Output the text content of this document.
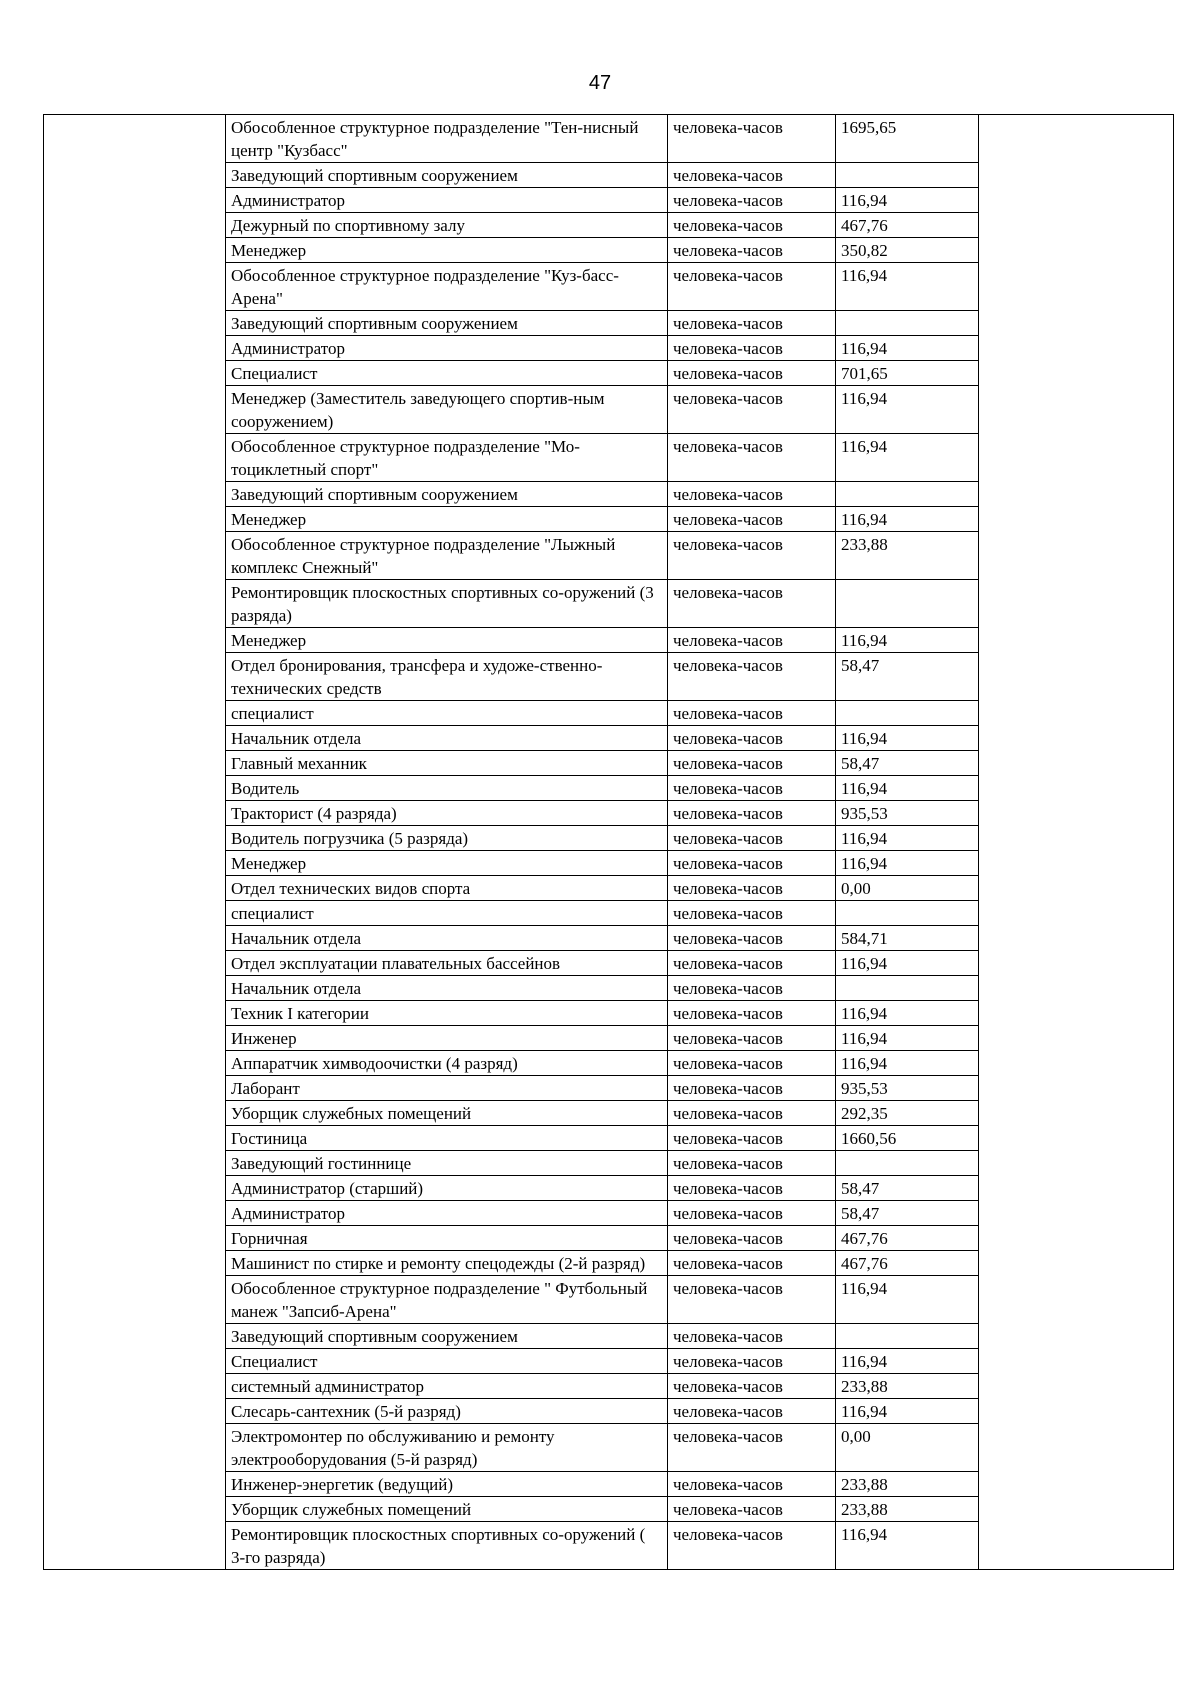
47
	Обособленное структурное подразделение "Тен-нисный центр "Кузбасс"	человека-часов	1695,65	
	Заведующий спортивным сооружением	человека-часов		
	Администратор	человека-часов	116,94	
	Дежурный по спортивному залу	человека-часов	467,76	
	Менеджер	человека-часов	350,82	
	Обособленное структурное подразделение "Куз-басс-Арена"	человека-часов	116,94	
	Заведующий спортивным сооружением	человека-часов		
	Администратор	человека-часов	116,94	
	Специалист	человека-часов	701,65	
	Менеджер (Заместитель заведующего спортив-ным сооружением)	человека-часов	116,94	
	Обособленное структурное подразделение "Мо-тоциклетный спорт"	человека-часов	116,94	
	Заведующий спортивным сооружением	человека-часов		
	Менеджер	человека-часов	116,94	
	Обособленное структурное подразделение "Лыжный комплекс Снежный"	человека-часов	233,88	
	Ремонтировщик плоскостных спортивных со-оружений (3 разряда)	человека-часов		
	Менеджер	человека-часов	116,94	
	Отдел бронирования, трансфера и художе-ственно-технических средств	человека-часов	58,47	
	специалист	человека-часов		
	Начальник отдела	человека-часов	116,94	
	Главный механник	человека-часов	58,47	
	Водитель	человека-часов	116,94	
	Тракторист (4 разряда)	человека-часов	935,53	
	Водитель погрузчика (5 разряда)	человека-часов	116,94	
	Менеджер	человека-часов	116,94	
	Отдел технических видов спорта	человека-часов	0,00	
	специалист	человека-часов		
	Начальник отдела	человека-часов	584,71	
	Отдел эксплуатации плавательных бассейнов	человека-часов	116,94	
	Начальник отдела	человека-часов		
	Техник I категории	человека-часов	116,94	
	Инженер	человека-часов	116,94	
	Аппаратчик химводоочистки (4 разряд)	человека-часов	116,94	
	Лаборант	человека-часов	935,53	
	Уборщик служебных помещений	человека-часов	292,35	
	Гостиница	человека-часов	1660,56	
	Заведующий гостиннице	человека-часов		
	Администратор (старший)	человека-часов	58,47	
	Администратор	человека-часов	58,47	
	Горничная	человека-часов	467,76	
	Машинист по стирке и ремонту спецодежды (2-й разряд)	человека-часов	467,76	
	Обособленное структурное подразделение " Футбольный манеж "Запсиб-Арена"	человека-часов	116,94	
	Заведующий спортивным сооружением	человека-часов		
	Специалист	человека-часов	116,94	
	системный администратор	человека-часов	233,88	
	Слесарь-сантехник (5-й разряд)	человека-часов	116,94	
	Электромонтер по обслуживанию и ремонту электрооборудования (5-й разряд)	человека-часов	0,00	
	Инженер-энергетик (ведущий)	человека-часов	233,88	
	Уборщик служебных помещений	человека-часов	233,88	
	Ремонтировщик плоскостных спортивных со-оружений ( 3-го разряда)	человека-часов	116,94	
